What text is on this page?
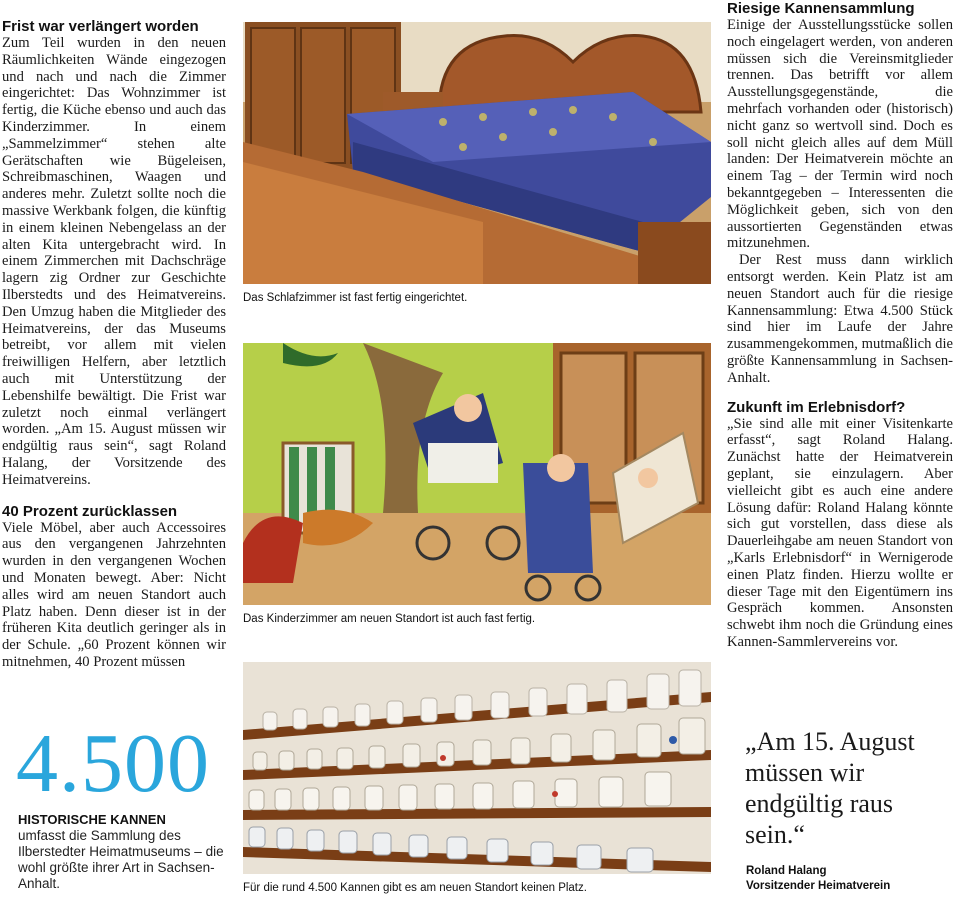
Frist war verlängert worden

Zum Teil wurden in den neuen Räumlichkeiten Wände eingezogen und nach und nach die Zimmer eingerichtet: Das Wohnzimmer ist fertig, die Küche ebenso und auch das Kinderzimmer. In einem „Sammelzimmer“ stehen alte Gerätschaften wie Bügeleisen, Schreibmaschinen, Waagen und anderes mehr. Zuletzt sollte noch die massive Werkbank folgen, die künftig in einem kleinen Nebengelass an der alten Kita untergebracht wird. In einem Zimmerchen mit Dachschräge lagern zig Ordner zur Geschichte Ilberstedts und des Heimatvereins. Den Umzug haben die Mitglieder des Heimatvereins, der das Museums betreibt, vor allem mit vielen freiwilligen Helfern, aber letztlich auch mit Unterstützung der Lebenshilfe bewältigt. Die Frist war zuletzt noch einmal verlängert worden. „Am 15. August müssen wir endgültig raus sein“, sagt Roland Halang, der Vorsitzende des Heimatvereins.

40 Prozent zurücklassen

Viele Möbel, aber auch Accessoires aus den vergangenen Jahrzehnten wurden in den vergangenen Wochen und Monaten bewegt. Aber: Nicht alles wird am neuen Standort auch Platz haben. Denn dieser ist in der früheren Kita deutlich geringer als in der Schule. „60 Prozent können wir mitnehmen, 40 Prozent müssen

4.500
HISTORISCHE KANNEN
umfasst die Sammlung des Ilberstedter Heimatmuseums – die wohl größte ihrer Art in Sachsen-Anhalt.
Das Schlafzimmer ist fast fertig eingerichtet.
Das Kinderzimmer am neuen Standort ist auch fast fertig.
Für die rund 4.500 Kannen gibt es am neuen Standort keinen Platz.
Riesige Kannensammlung

Einige der Ausstellungsstücke sollen noch eingelagert werden, von anderen müssen sich die Vereinsmitglieder trennen. Das betrifft vor allem Ausstellungsgegenstände, die mehrfach vorhanden oder (historisch) nicht ganz so wertvoll sind. Doch es soll nicht gleich alles auf dem Müll landen: Der Heimatverein möchte an einem Tag – der Termin wird noch bekanntgegeben – Interessenten die Möglichkeit geben, sich von den aussortierten Gegenständen etwas mitzunehmen.

Der Rest muss dann wirklich entsorgt werden. Kein Platz ist am neuen Standort auch für die riesige Kannensammlung: Etwa 4.500 Stück sind hier im Laufe der Jahre zusammengekommen, mutmaßlich die größte Kannensammlung in Sachsen-Anhalt.

Zukunft im Erlebnisdorf?

„Sie sind alle mit einer Visitenkarte erfasst“, sagt Roland Halang. Zunächst hatte der Heimatverein geplant, sie einzulagern. Aber vielleicht gibt es auch eine andere Lösung dafür: Roland Halang könnte sich gut vorstellen, dass diese als Dauerleihgabe am neuen Standort von „Karls Erlebnisdorf“ in Wernigerode einen Platz finden. Hierzu wollte er dieser Tage mit den Eigentümern ins Gespräch kommen. Ansonsten schwebt ihm noch die Gründung eines Kannen-Sammlervereins vor.

„Am 15. August müssen wir endgültig raus sein.“
Roland Halang
Vorsitzender Heimatverein
